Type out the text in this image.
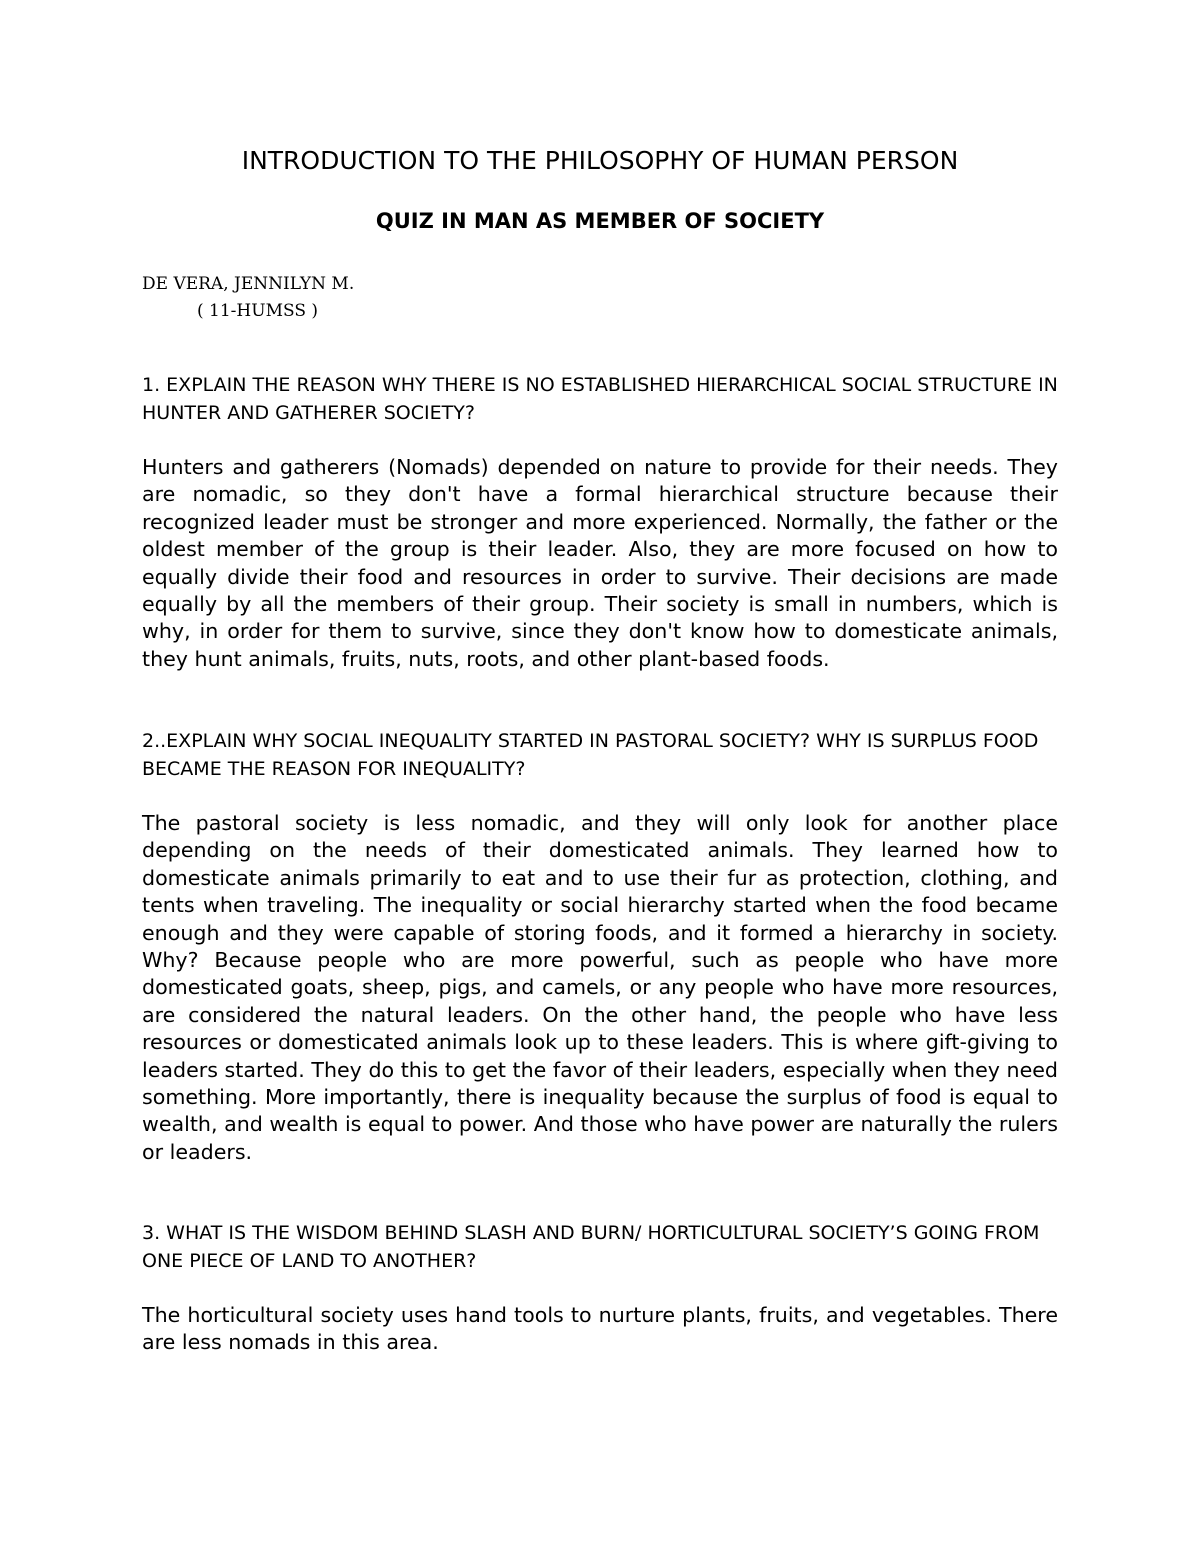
INTRODUCTION TO THE PHILOSOPHY OF HUMAN PERSON
QUIZ IN MAN AS MEMBER OF SOCIETY
DE VERA, JENNILYN M.
( 11-HUMSS )

1. EXPLAIN THE REASON WHY THERE IS NO ESTABLISHED HIERARCHICAL SOCIAL STRUCTURE IN HUNTER AND GATHERER SOCIETY?

Hunters and gatherers (Nomads) depended on nature to provide for their needs. They are nomadic, so they don't have a formal hierarchical structure because their recognized leader must be stronger and more experienced. Normally, the father or the oldest member of the group is their leader. Also, they are more focused on how to equally divide their food and resources in order to survive. Their decisions are made equally by all the members of their group. Their society is small in numbers, which is why, in order for them to survive, since they don't know how to domesticate animals, they hunt animals, fruits, nuts, roots, and other plant-based foods.

2..EXPLAIN WHY SOCIAL INEQUALITY STARTED IN PASTORAL SOCIETY? WHY IS SURPLUS FOOD BECAME THE REASON FOR INEQUALITY?

The pastoral society is less nomadic, and they will only look for another place depending on the needs of their domesticated animals. They learned how to domesticate animals primarily to eat and to use their fur as protection, clothing, and tents when traveling. The inequality or social hierarchy started when the food became enough and they were capable of storing foods, and it formed a hierarchy in society. Why? Because people who are more powerful, such as people who have more domesticated goats, sheep, pigs, and camels, or any people who have more resources, are considered the natural leaders. On the other hand, the people who have less resources or domesticated animals look up to these leaders. This is where gift-giving to leaders started. They do this to get the favor of their leaders, especially when they need something. More importantly, there is inequality because the surplus of food is equal to wealth, and wealth is equal to power. And those who have power are naturally the rulers or leaders.

3. WHAT IS THE WISDOM BEHIND SLASH AND BURN/ HORTICULTURAL SOCIETY’S GOING FROM ONE PIECE OF LAND TO ANOTHER?

The horticultural society uses hand tools to nurture plants, fruits, and vegetables. There are less nomads in this area.
